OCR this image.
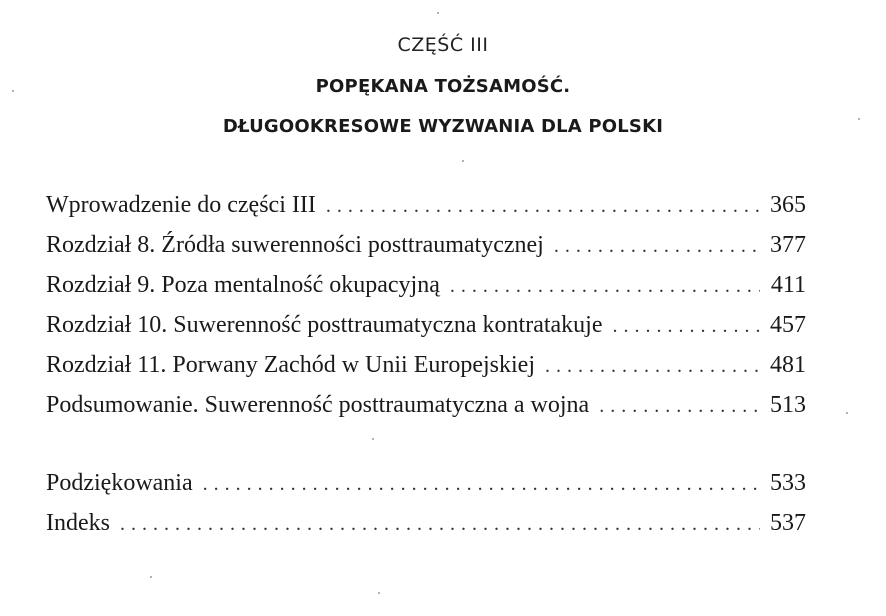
CZĘŚĆ III
POPĘKANA TOŻSAMOŚĆ.
DŁUGOOKRESOWE WYZWANIA DLA POLSKI
Wprowadzenie do części III . . .	365
Rozdział 8. Źródła suwerenności posttraumatycznej . . .	377
Rozdział 9. Poza mentalność okupacyjną . . .	411
Rozdział 10. Suwerenność posttraumatyczna kontratakuje . . .	457
Rozdział 11. Porwany Zachód w Unii Europejskiej . . .	481
Podsumowanie. Suwerenność posttraumatyczna a wojna . . .	513
Podziękowania . . .	533
Indeks . . .	537
